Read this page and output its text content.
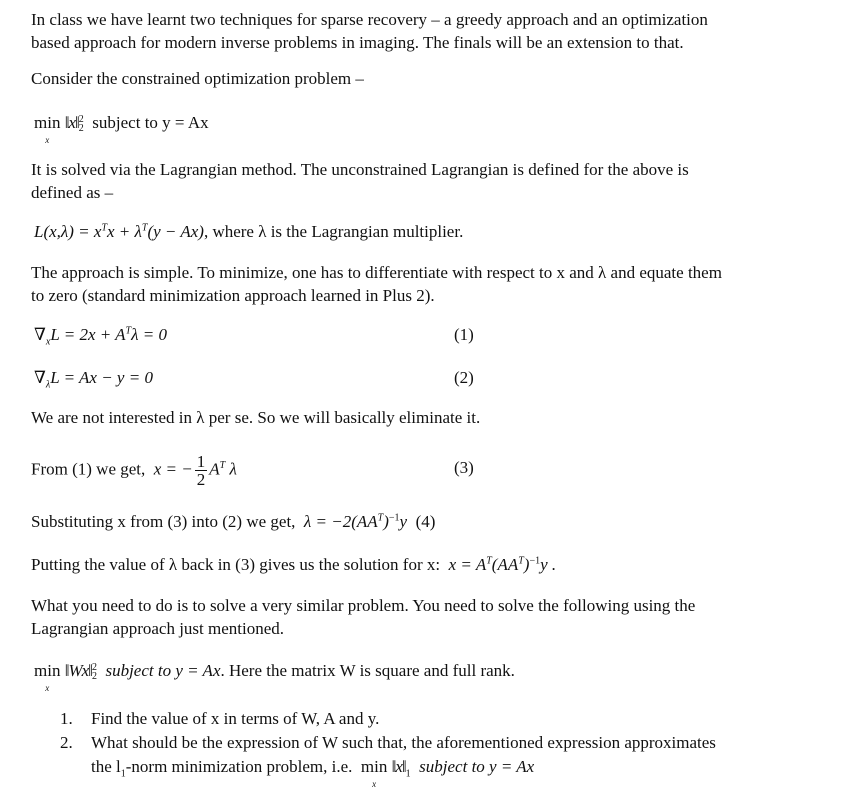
In class we have learnt two techniques for sparse recovery – a greedy approach and an optimization
based approach for modern inverse problems in imaging. The finals will be an extension to that.
Consider the constrained optimization problem –
min
x
‖x‖ 2
2 subject to y = Ax
It is solved via the Lagrangian method. The unconstrained Lagrangian is defined for the above is
defined as –
$L(x,\lambda) = x^Tx + \lambda^T(y - Ax)$, where λ is the Lagrangian multiplier.
The approach is simple. To minimize, one has to differentiate with respect to x and λ and equate them
to zero (standard minimization approach learned in Plus 2).
$\nabla_xL = 2x + A^T\lambda = 0$	(1)
$\nabla_\lambda L = Ax - y = 0$	(2)
We are not interested in λ per se. So we will basically eliminate it.
From (1) we get, x = − $\frac{1}{2} A^T$ λ	(3)
Substituting x from (3) into (2) we get, $\lambda = -2(AA^T)^{-1}y$ (4)
Putting the value of λ back in (3) gives us the solution for x: $x = A^T(AA^T)^{-1}y$ .
What you need to do is to solve a very similar problem. You need to solve the following using the
Lagrangian approach just mentioned.
min
x
‖Wx‖ 2
2 subject to y = Ax. Here the matrix W is square and full rank.
1. Find the value of x in terms of W, A and y.
2. What should be the expression of W such that, the aforementioned expression approximates
the $l_1$-norm minimization problem, i.e. min
x
$‖x‖_1$ subject to y = Ax
